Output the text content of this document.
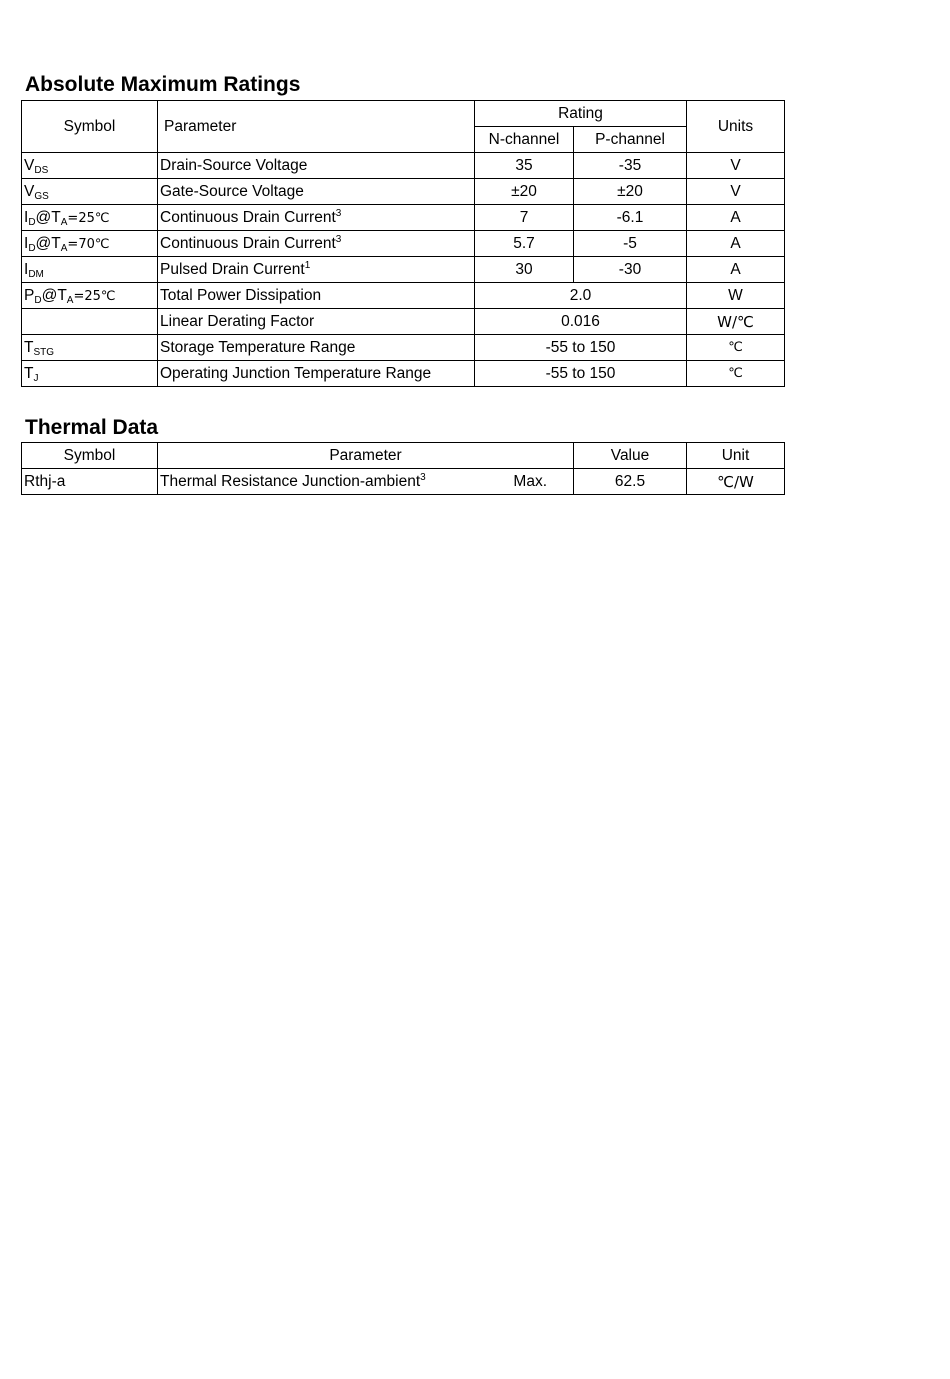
Absolute Maximum Ratings
Symbol	Parameter	Rating		Units
		N-channel	P-channel	
$V_{DS}$	Drain-Source Voltage	35	-35	V
$V_{GS}$	Gate-Source Voltage	±20	±20	V
$I_D@T_A=25℃$	Continuous Drain Current$^3$	7	-6.1	A
$I_D@T_A=70℃$	Continuous Drain Current$^3$	5.7	-5	A
$I_{DM}$	Pulsed Drain Current$^1$	30	-30	A
$P_D@T_A=25℃$	Total Power Dissipation	2.0		W
	Linear Derating Factor	0.016		W/℃
$T_{STG}$	Storage Temperature Range	-55 to 150		℃
$T_J$	Operating Junction Temperature Range	-55 to 150		℃
Thermal Data
Symbol	Parameter	Value	Unit
Rthj-a	Thermal Resistance Junction-ambient$^3$ Max.	62.5	℃/W
